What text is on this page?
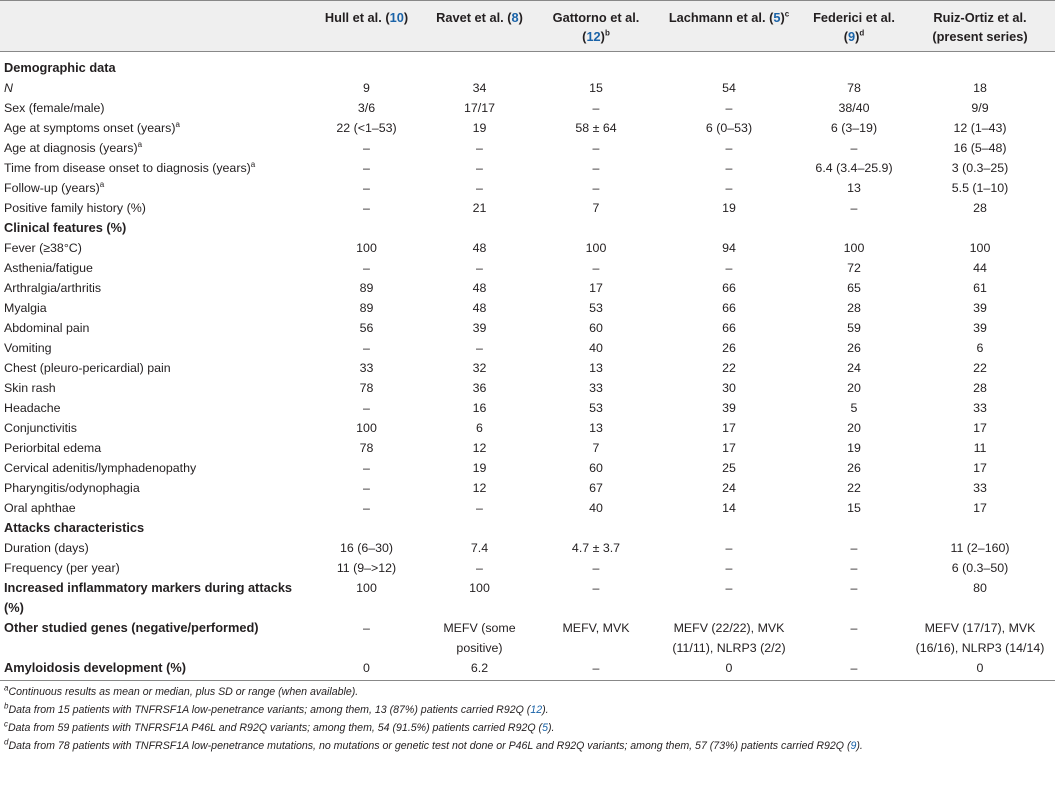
	Hull et al. (10)	Ravet et al. (8)	Gattorno et al. $(12)^b$	Lachmann et al. $(5)^c$	Federici et al. $(9)^d$	Ruiz-Ortiz et al. (present series)
Demographic data						
N	9	34	15	54	78	18
Sex (female/male)	3/6	17/17	–	–	38/40	9/9
Age at symptoms onset (years)$^a$	22 (<1–53)	19	58 ± 64	6 (0–53)	6 (3–19)	12 (1–43)
Age at diagnosis (years)$^a$	–	–	–	–	–	16 (5–48)
Time from disease onset to diagnosis (years)$^a$	–	–	–	–	6.4 (3.4–25.9)	3 (0.3–25)
Follow-up (years)$^a$	–	–	–	–	13	5.5 (1–10)
Positive family history (%)	–	21	7	19	–	28
Clinical features (%)						
Fever (≥38°C)	100	48	100	94	100	100
Asthenia/fatigue	–	–	–	–	72	44
Arthralgia/arthritis	89	48	17	66	65	61
Myalgia	89	48	53	66	28	39
Abdominal pain	56	39	60	66	59	39
Vomiting	–	–	40	26	26	6
Chest (pleuro-pericardial) pain	33	32	13	22	24	22
Skin rash	78	36	33	30	20	28
Headache	–	16	53	39	5	33
Conjunctivitis	100	6	13	17	20	17
Periorbital edema	78	12	7	17	19	11
Cervical adenitis/lymphadenopathy	–	19	60	25	26	17
Pharyngitis/odynophagia	–	12	67	24	22	33
Oral aphthae	–	–	40	14	15	17
Attacks characteristics						
Duration (days)	16 (6–30)	7.4	4.7 ± 3.7	–	–	11 (2–160)
Frequency (per year)	11 (9–>12)	–	–	–	–	6 (0.3–50)
Increased inflammatory markers during attacks (%)	100	100	–	–	–	80
Other studied genes (negative/performed)	–	MEFV (some positive)	MEFV, MVK	MEFV (22/22), MVK (11/11), NLRP3 (2/2)	–	MEFV (17/17), MVK (16/16), NLRP3 (14/14)
Amyloidosis development (%)	0	6.2	–	0	–	0

$^a$Continuous results as mean or median, plus SD or range (when available).

$^b$Data from 15 patients with TNFRSF1A low-penetrance variants; among them, 13 (87%) patients carried R92Q (12).

$^c$Data from 59 patients with TNFRSF1A P46L and R92Q variants; among them, 54 (91.5%) patients carried R92Q (5).

$^d$Data from 78 patients with TNFRSF1A low-penetrance mutations, no mutations or genetic test not done or P46L and R92Q variants; among them, 57 (73%) patients carried R92Q (9).
